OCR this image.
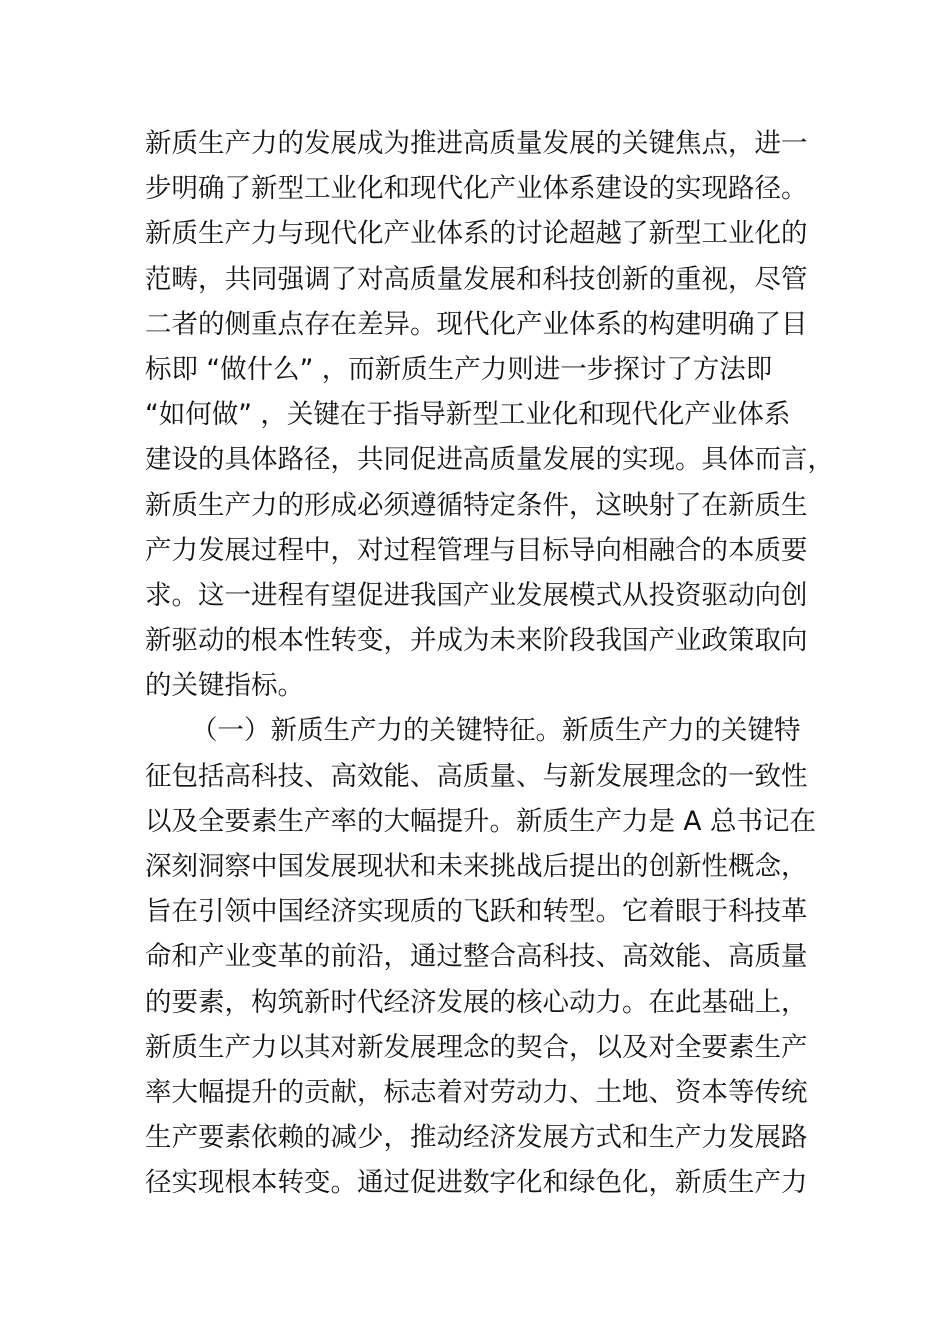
新质生产力的发展成为推进高质量发展的关键焦点，进一
步明确了新型工业化和现代化产业体系建设的实现路径。
新质生产力与现代化产业体系的讨论超越了新型工业化的
范畴，共同强调了对高质量发展和科技创新的重视，尽管
二者的侧重点存在差异。现代化产业体系的构建明确了目
标即 “做什么” ，而新质生产力则进一步探讨了方法即
“如何做” ，关键在于指导新型工业化和现代化产业体系
建设的具体路径，共同促进高质量发展的实现。具体而言，
新质生产力的形成必须遵循特定条件，这映射了在新质生
产力发展过程中，对过程管理与目标导向相融合的本质要
求。这一进程有望促进我国产业发展模式从投资驱动向创
新驱动的根本性转变，并成为未来阶段我国产业政策取向
的关键指标。
（一）新质生产力的关键特征。新质生产力的关键特
征包括高科技、高效能、高质量、与新发展理念的一致性
以及全要素生产率的大幅提升。新质生产力是 A 总书记在
深刻洞察中国发展现状和未来挑战后提出的创新性概念，
旨在引领中国经济实现质的飞跃和转型。它着眼于科技革
命和产业变革的前沿，通过整合高科技、高效能、高质量
的要素，构筑新时代经济发展的核心动力。在此基础上，
新质生产力以其对新发展理念的契合，以及对全要素生产
率大幅提升的贡献，标志着对劳动力、土地、资本等传统
生产要素依赖的减少，推动经济发展方式和生产力发展路
径实现根本转变。通过促进数字化和绿色化，新质生产力
